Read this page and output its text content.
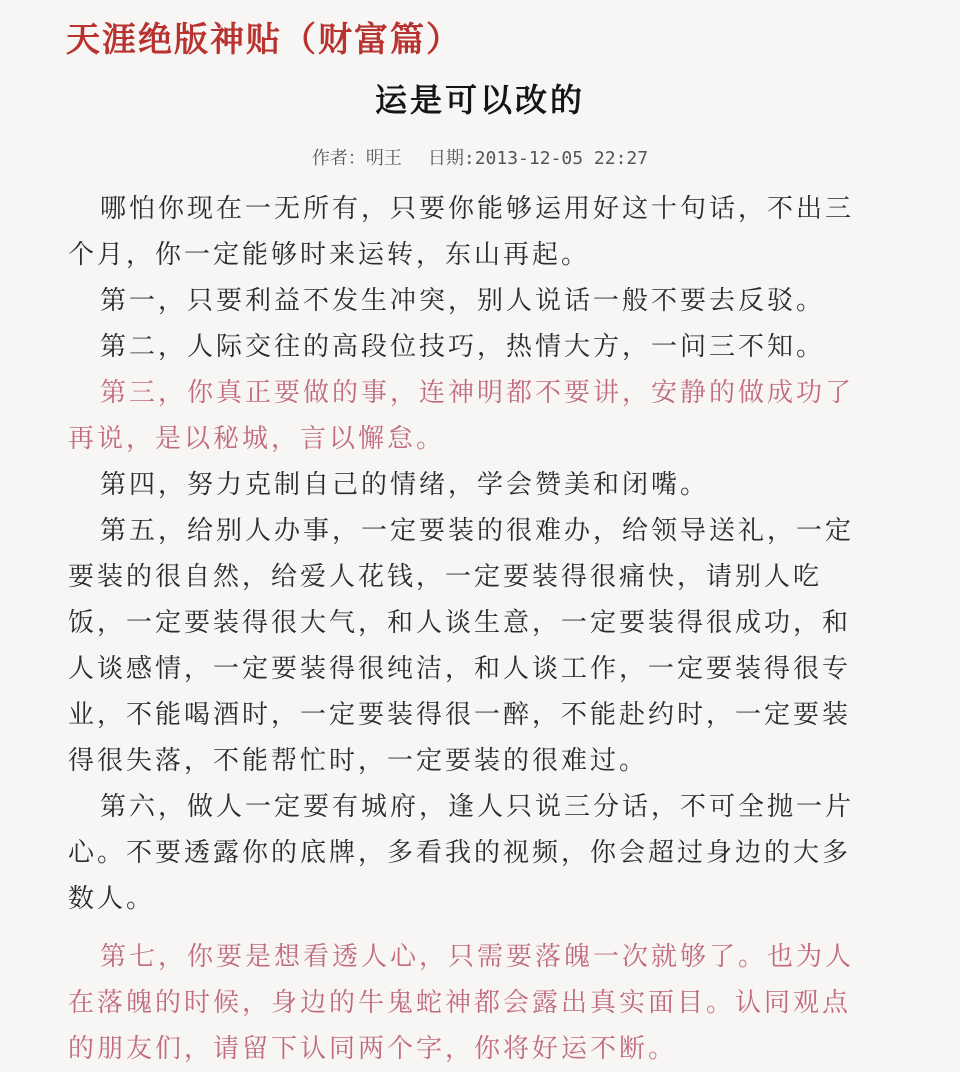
天涯绝版神贴（财富篇）
运是可以改的
作者：明王 日期:2013-12-05 22:27

哪怕你现在一无所有，只要你能够运用好这十句话，不出三个月，你一定能够时来运转，东山再起。

第一，只要利益不发生冲突，别人说话一般不要去反驳。

第二，人际交往的高段位技巧，热情大方，一问三不知。

第三，你真正要做的事，连神明都不要讲，安静的做成功了再说，是以秘城，言以懈怠。

第四，努力克制自己的情绪，学会赞美和闭嘴。

第五，给别人办事，一定要装的很难办，给领导送礼，一定要装的很自然，给爱人花钱，一定要装得很痛快，请别人吃饭，一定要装得很大气，和人谈生意，一定要装得很成功，和人谈感情，一定要装得很纯洁，和人谈工作，一定要装得很专业，不能喝酒时，一定要装得很一醉，不能赴约时，一定要装得很失落，不能帮忙时，一定要装的很难过。

第六，做人一定要有城府，逢人只说三分话，不可全抛一片心。不要透露你的底牌，多看我的视频，你会超过身边的大多数人。

第七，你要是想看透人心，只需要落魄一次就够了。也为人在落魄的时候，身边的牛鬼蛇神都会露出真实面目。认同观点的朋友们，请留下认同两个字，你将好运不断。
